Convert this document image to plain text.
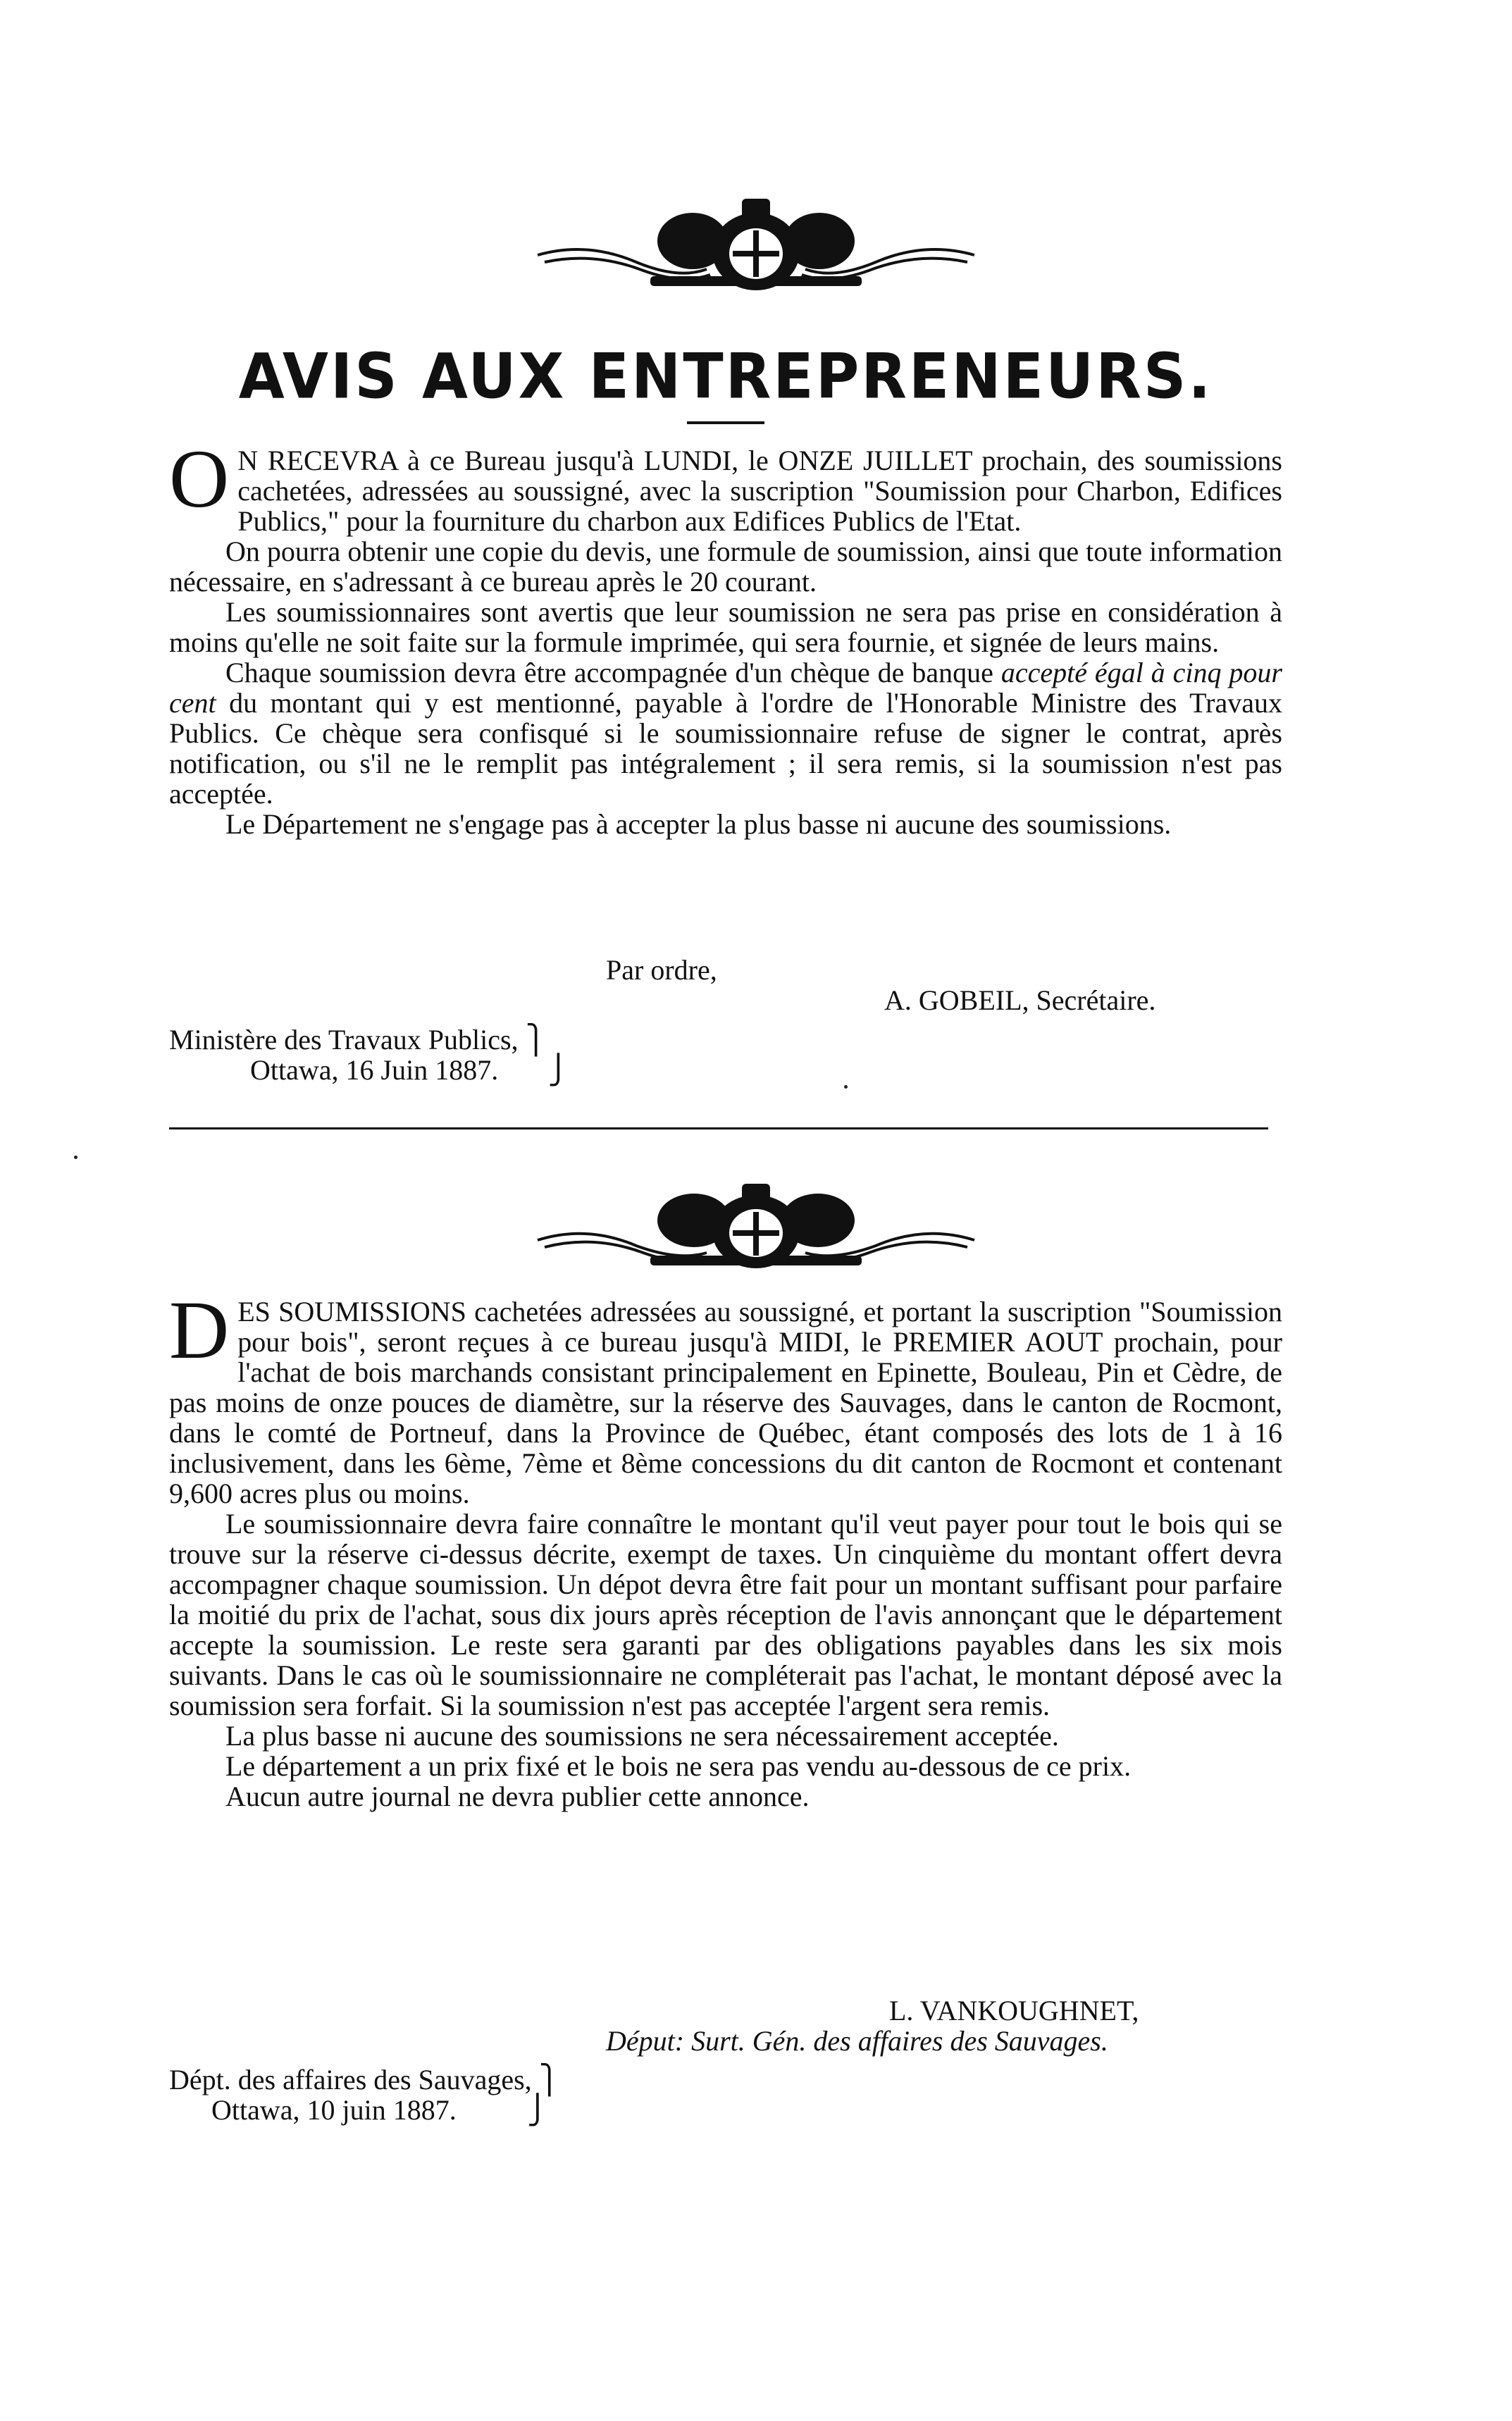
AVIS AUX ENTREPRENEURS.

O N RECEVRA à ce Bureau jusqu'à LUNDI, le ONZE JUILLET prochain, des soumissions cachetées, adressées au soussigné, avec la suscription "Soumission pour Charbon, Edifices Publics," pour la fourniture du charbon aux Edifices Publics de l'Etat.

On pourra obtenir une copie du devis, une formule de soumission, ainsi que toute information nécessaire, en s'adressant à ce bureau après le 20 courant.

Les soumissionnaires sont avertis que leur soumission ne sera pas prise en considération à moins qu'elle ne soit faite sur la formule imprimée, qui sera fournie, et signée de leurs mains.

Chaque soumission devra être accompagnée d'un chèque de banque accepté égal à cinq pour cent du montant qui y est mentionné, payable à l'ordre de l'Honorable Ministre des Travaux Publics. Ce chèque sera confisqué si le soumissionnaire refuse de signer le contrat, après notification, ou s'il ne le remplit pas intégralement ; il sera remis, si la soumission n'est pas acceptée.

Le Département ne s'engage pas à accepter la plus basse ni aucune des soumissions.

Par ordre,
A. GOBEIL, Secrétaire.
Ministère des Travaux Publics, ⎫
Ottawa, 16 Juin 1887. ⎭

DES SOUMISSIONS cachetées adressées au soussigné, et portant la suscription "Soumission pour bois", seront reçues à ce bureau jusqu'à MIDI, le PREMIER AOUT prochain, pour l'achat de bois marchands consistant principalement en Epinette, Bouleau, Pin et Cèdre, de pas moins de onze pouces de diamètre, sur la réserve des Sauvages, dans le canton de Rocmont, dans le comté de Portneuf, dans la Province de Québec, étant composés des lots de 1 à 16 inclusivement, dans les 6ème, 7ème et 8ème concessions du dit canton de Rocmont et contenant 9,600 acres plus ou moins.

Le soumissionnaire devra faire connaître le montant qu'il veut payer pour tout le bois qui se trouve sur la réserve ci-dessus décrite, exempt de taxes. Un cinquième du montant offert devra accompagner chaque soumission. Un dépot devra être fait pour un montant suffisant pour parfaire la moitié du prix de l'achat, sous dix jours après réception de l'avis annonçant que le département accepte la soumission. Le reste sera garanti par des obligations payables dans les six mois suivants. Dans le cas où le soumissionnaire ne compléterait pas l'achat, le montant déposé avec la soumission sera forfait. Si la soumission n'est pas acceptée l'argent sera remis.

La plus basse ni aucune des soumissions ne sera nécessairement acceptée.

Le département a un prix fixé et le bois ne sera pas vendu au-dessous de ce prix.

Aucun autre journal ne devra publier cette annonce.

L. VANKOUGHNET,
Déput: Surt. Gén. des affaires des Sauvages.
Dépt. des affaires des Sauvages, ⎫
Ottawa, 10 juin 1887.	⎭
